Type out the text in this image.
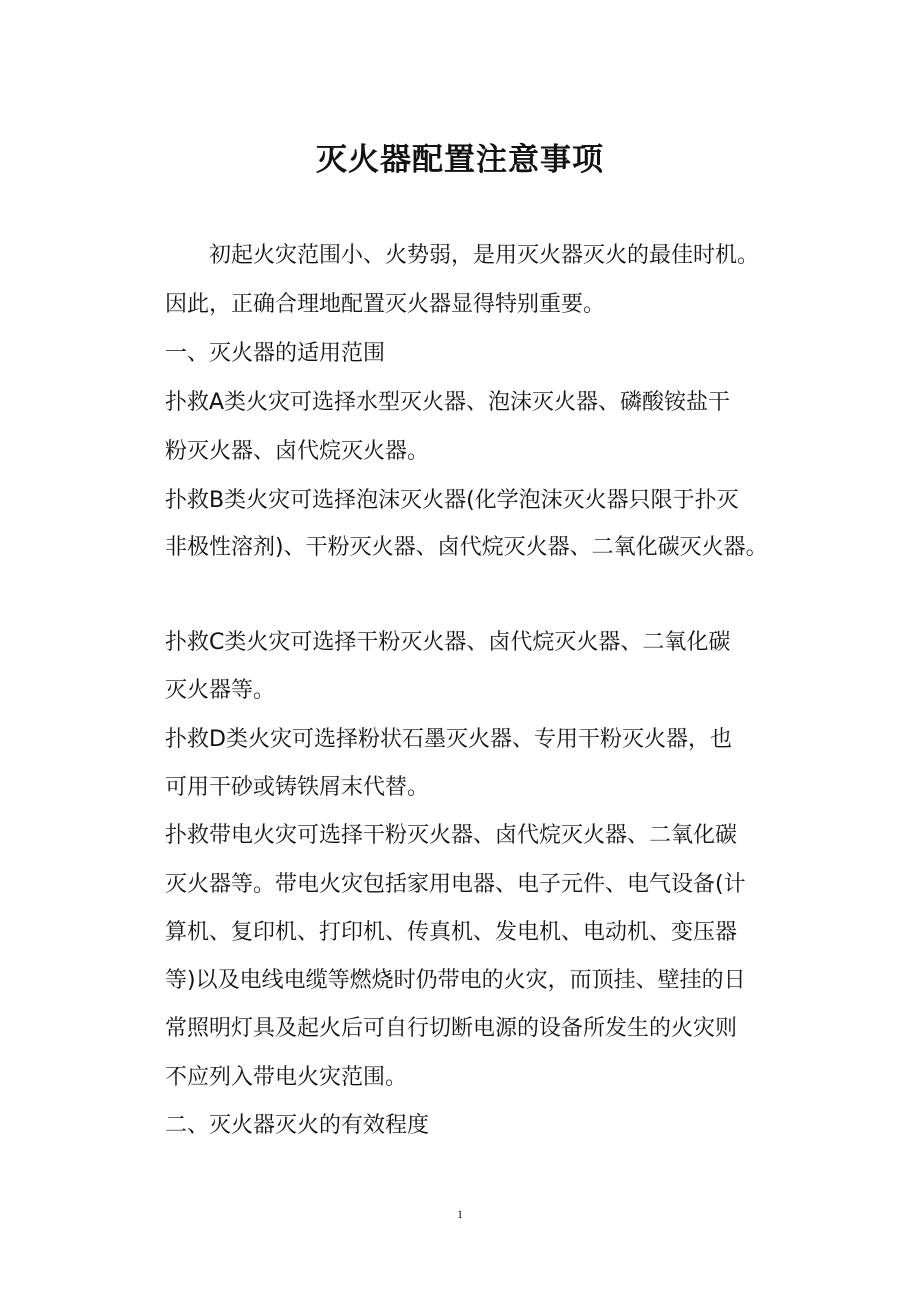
灭火器配置注意事项
　　初起火灾范围小、火势弱，是用灭火器灭火的最佳时机。
因此，正确合理地配置灭火器显得特别重要。
一、灭火器的适用范围
扑救A类火灾可选择水型灭火器、泡沫灭火器、磷酸铵盐干
粉灭火器、卤代烷灭火器。
扑救B类火灾可选择泡沫灭火器(化学泡沫灭火器只限于扑灭
非极性溶剂)、干粉灭火器、卤代烷灭火器、二氧化碳灭火器。
扑救C类火灾可选择干粉灭火器、卤代烷灭火器、二氧化碳
灭火器等。
扑救D类火灾可选择粉状石墨灭火器、专用干粉灭火器，也
可用干砂或铸铁屑末代替。
扑救带电火灾可选择干粉灭火器、卤代烷灭火器、二氧化碳
灭火器等。带电火灾包括家用电器、电子元件、电气设备(计
算机、复印机、打印机、传真机、发电机、电动机、变压器
等)以及电线电缆等燃烧时仍带电的火灾，而顶挂、壁挂的日
常照明灯具及起火后可自行切断电源的设备所发生的火灾则
不应列入带电火灾范围。
二、灭火器灭火的有效程度
1
